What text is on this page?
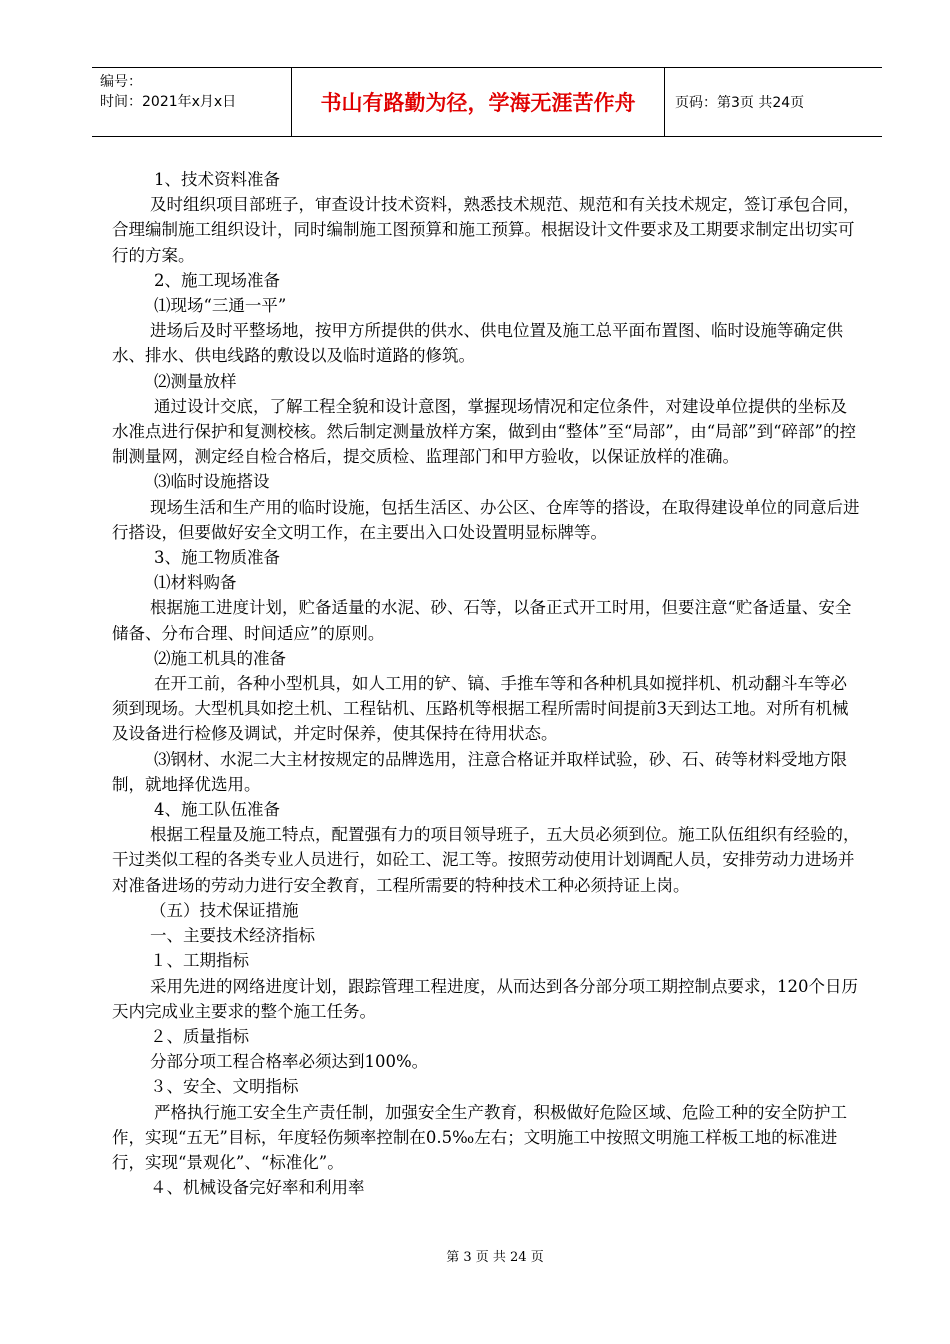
编号：
时间：2021年x月x日	书山有路勤为径，学海无涯苦作舟	页码：第3页 共24页

1、技术资料准备

及时组织项目部班子，审查设计技术资料，熟悉技术规范、规范和有关技术规定，签订承包合同，合理编制施工组织设计，同时编制施工图预算和施工预算。根据设计文件要求及工期要求制定出切实可行的方案。

2、施工现场准备

⑴现场“三通一平”

进场后及时平整场地，按甲方所提供的供水、供电位置及施工总平面布置图、临时设施等确定供水、排水、供电线路的敷设以及临时道路的修筑。

⑵测量放样

通过设计交底，了解工程全貌和设计意图，掌握现场情况和定位条件，对建设单位提供的坐标及水准点进行保护和复测校核。然后制定测量放样方案，做到由“整体”至“局部”，由“局部”到“碎部”的控制测量网，测定经自检合格后，提交质检、监理部门和甲方验收，以保证放样的准确。

⑶临时设施搭设

现场生活和生产用的临时设施，包括生活区、办公区、仓库等的搭设，在取得建设单位的同意后进行搭设，但要做好安全文明工作，在主要出入口处设置明显标牌等。

3、施工物质准备

⑴材料购备

根据施工进度计划，贮备适量的水泥、砂、石等，以备正式开工时用，但要注意“贮备适量、安全储备、分布合理、时间适应”的原则。

⑵施工机具的准备

在开工前，各种小型机具，如人工用的铲、镐、手推车等和各种机具如搅拌机、机动翻斗车等必须到现场。大型机具如挖土机、工程钻机、压路机等根据工程所需时间提前3天到达工地。对所有机械及设备进行检修及调试，并定时保养，使其保持在待用状态。

⑶钢材、水泥二大主材按规定的品牌选用，注意合格证并取样试验，砂、石、砖等材料受地方限制，就地择优选用。

4、施工队伍准备

根据工程量及施工特点，配置强有力的项目领导班子，五大员必须到位。施工队伍组织有经验的，干过类似工程的各类专业人员进行，如砼工、泥工等。按照劳动使用计划调配人员，安排劳动力进场并对准备进场的劳动力进行安全教育，工程所需要的特种技术工种必须持证上岗。

（五）技术保证措施

一、主要技术经济指标

１、工期指标

采用先进的网络进度计划，跟踪管理工程进度，从而达到各分部分项工期控制点要求，120个日历天内完成业主要求的整个施工任务。

２、质量指标

分部分项工程合格率必须达到100%。

３、安全、文明指标

严格执行施工安全生产责任制，加强安全生产教育，积极做好危险区域、危险工种的安全防护工作，实现“五无”目标，年度轻伤频率控制在0.5‰左右；文明施工中按照文明施工样板工地的标准进行，实现“景观化”、“标准化”。

４、机械设备完好率和利用率

第 3 页 共 24 页
